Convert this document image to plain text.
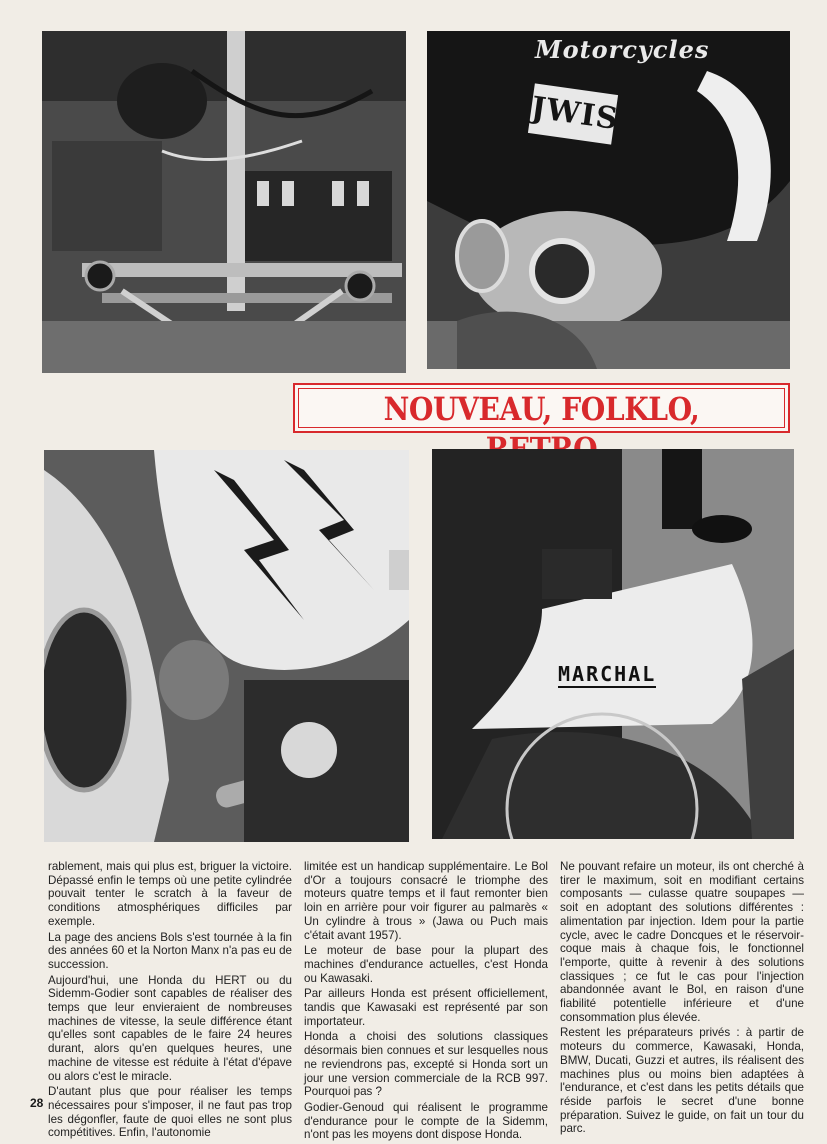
Motorcycles
JWIS
NOUVEAU, FOLKLO,
MARCHAL

rablement, mais qui plus est, briguer la victoire. Dépassé enfin le temps où une petite cylindrée pouvait tenter le scratch à la faveur de conditions atmosphériques difficiles par exemple.

La page des anciens Bols s'est tournée à la fin des années 60 et la Norton Manx n'a pas eu de succession.

Aujourd'hui, une Honda du HERT ou du Sidemm-Godier sont capables de réaliser des temps que leur envieraient de nombreuses machines de vitesse, la seule différence étant qu'elles sont capables de le faire 24 heures durant, alors qu'en quelques heures, une machine de vitesse est réduite à l'état d'épave ou alors c'est le miracle.

D'autant plus que pour réaliser les temps nécessaires pour s'imposer, il ne faut pas trop les dégonfler, faute de quoi elles ne sont plus compétitives. Enfin, l'autonomie

limitée est un handicap supplémentaire. Le Bol d'Or a toujours consacré le triomphe des moteurs quatre temps et il faut remonter bien loin en arrière pour voir figurer au palmarès « Un cylindre à trous » (Jawa ou Puch mais c'était avant 1957).

Le moteur de base pour la plupart des machines d'endurance actuelles, c'est Honda ou Kawasaki.

Par ailleurs Honda est présent officiellement, tandis que Kawasaki est représenté par son importateur.

Honda a choisi des solutions classiques désormais bien connues et sur lesquelles nous ne reviendrons pas, excepté si Honda sort un jour une version commerciale de la RCB 997. Pourquoi pas ?

Godier-Genoud qui réalisent le programme d'endurance pour le compte de la Sidemm, n'ont pas les moyens dont dispose Honda.

Ne pouvant refaire un moteur, ils ont cherché à tirer le maximum, soit en modifiant certains composants — culasse quatre soupapes — soit en adoptant des solutions différentes : alimentation par injection. Idem pour la partie cycle, avec le cadre Doncques et le réservoir-coque mais à chaque fois, le fonctionnel l'emporte, quitte à revenir à des solutions classiques ; ce fut le cas pour l'injection abandonnée avant le Bol, en raison d'une fiabilité potentielle inférieure et d'une consommation plus élevée.

Restent les préparateurs privés : à partir de moteurs du commerce, Kawasaki, Honda, BMW, Ducati, Guzzi et autres, ils réalisent des machines plus ou moins bien adaptées à l'endurance, et c'est dans les petits détails que réside parfois le secret d'une bonne préparation. Suivez le guide, on fait un tour du parc.

28
